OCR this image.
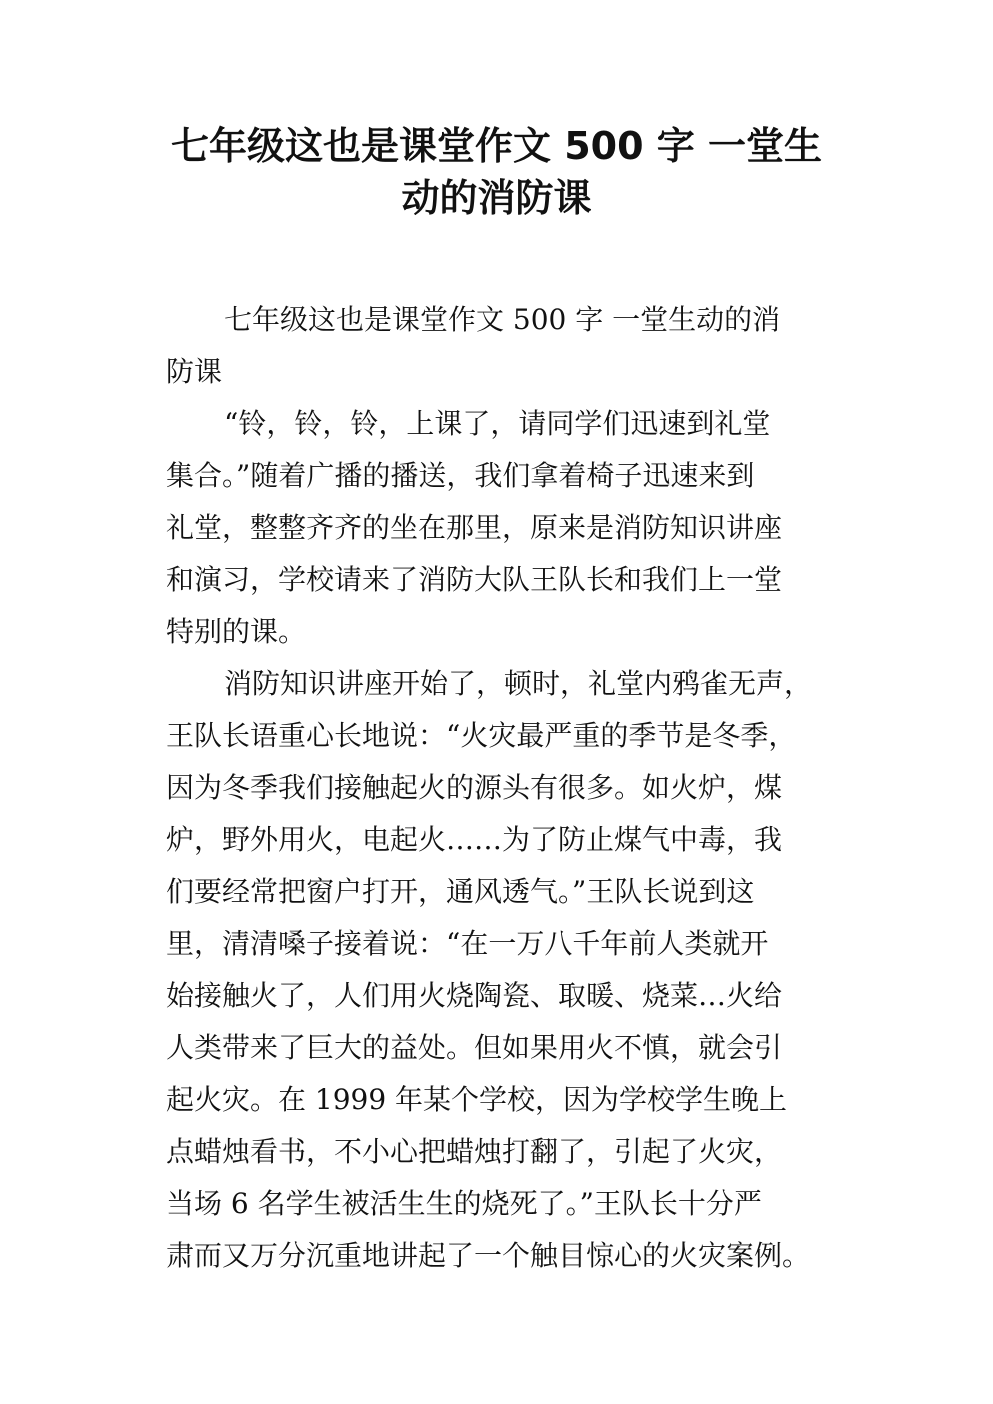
七年级这也是课堂作文 500 字 一堂生
动的消防课
七年级这也是课堂作文 500 字 一堂生动的消
防课
“铃，铃，铃，上课了，请同学们迅速到礼堂
集合。”随着广播的播送，我们拿着椅子迅速来到
礼堂，整整齐齐的坐在那里，原来是消防知识讲座
和演习，学校请来了消防大队王队长和我们上一堂
特别的课。
消防知识讲座开始了，顿时，礼堂内鸦雀无声，
王队长语重心长地说：“火灾最严重的季节是冬季，
因为冬季我们接触起火的源头有很多。如火炉，煤
炉，野外用火，电起火……为了防止煤气中毒，我
们要经常把窗户打开，通风透气。”王队长说到这
里，清清嗓子接着说：“在一万八千年前人类就开
始接触火了，人们用火烧陶瓷、取暖、烧菜…火给
人类带来了巨大的益处。但如果用火不慎，就会引
起火灾。在 1999 年某个学校，因为学校学生晚上
点蜡烛看书，不小心把蜡烛打翻了，引起了火灾，
当场 6 名学生被活生生的烧死了。”王队长十分严
肃而又万分沉重地讲起了一个触目惊心的火灾案例。
